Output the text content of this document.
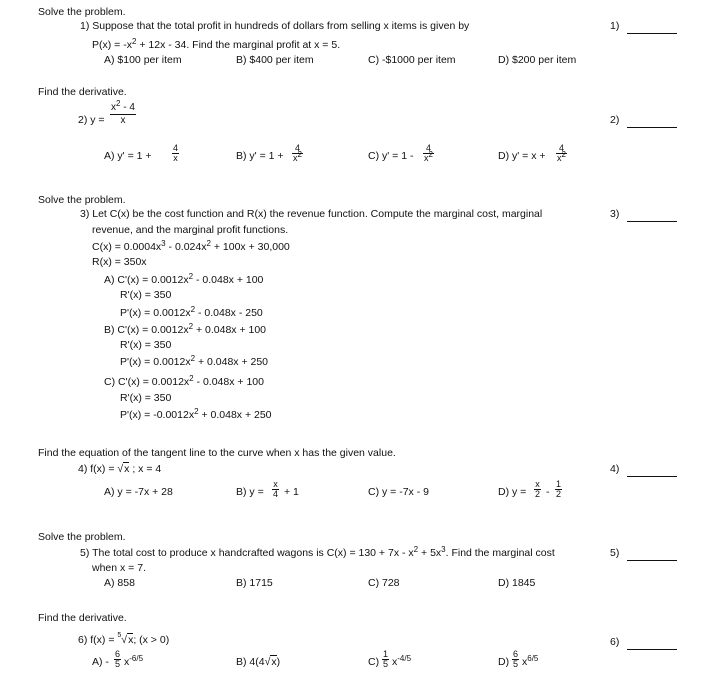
Solve the problem.
1) Suppose that the total profit in hundreds of dollars from selling x items is given by
$P(x) = -x^2 + 12x - 34$. Find the marginal profit at x = 5.
A) $100 per item	B) $400 per item	C) -$1000 per item	D) $200 per item
1)
Find the derivative.
2) $y = \frac{x^2 - 4}{x}$
A) $y' = 1 + \frac{4}{x}$	B) $y' = 1 + \frac{4}{x2}$	C) $y' = 1 - \frac{4}{x2}$	D) $y' = x + \frac{4}{x2}$
2)
Solve the problem.
3) Let C(x) be the cost function and R(x) the revenue function. Compute the marginal cost, marginal
revenue, and the marginal profit functions.
$C(x) = 0.0004x^3 - 0.024x^2 + 100x + 30,000$
R(x) = 350x
A) $C'(x) = 0.0012x^2 - 0.048x + 100$
R'(x) = 350
$P'(x) = 0.0012x^2 - 0.048x - 250$
B) $C'(x) = 0.0012x^2 + 0.048x + 100$
R'(x) = 350
$P'(x) = 0.0012x^2 + 0.048x + 250$
C) $C'(x) = 0.0012x^2 - 0.048x + 100$
R'(x) = 350
$P'(x) = -0.0012x^2 + 0.048x + 250$
3)
Find the equation of the tangent line to the curve when x has the given value.
4) f(x) = √x ; x = 4
A) y = -7x + 28	B) $y = \frac{x}{4} + 1$	C) y = -7x - 9	D) $y = \frac{x}{2} - \frac{1}{2}$
4)
Solve the problem.
5) The total cost to produce x handcrafted wagons is $C(x) = 130 + 7x - x^2 + 5x^3$. Find the marginal cost
when x = 7.
A) 858	B) 1715	C) 728	D) 1845
5)
Find the derivative.
6) f(x) = $^5$√x; (x > 0)
$A) - \frac{6}{5} x^{-6/5}$	B) 4(4√x)	$C) \frac{1}{5} x^{-4/5}$	$D) \frac{6}{5} x^{6/5}$
6)
